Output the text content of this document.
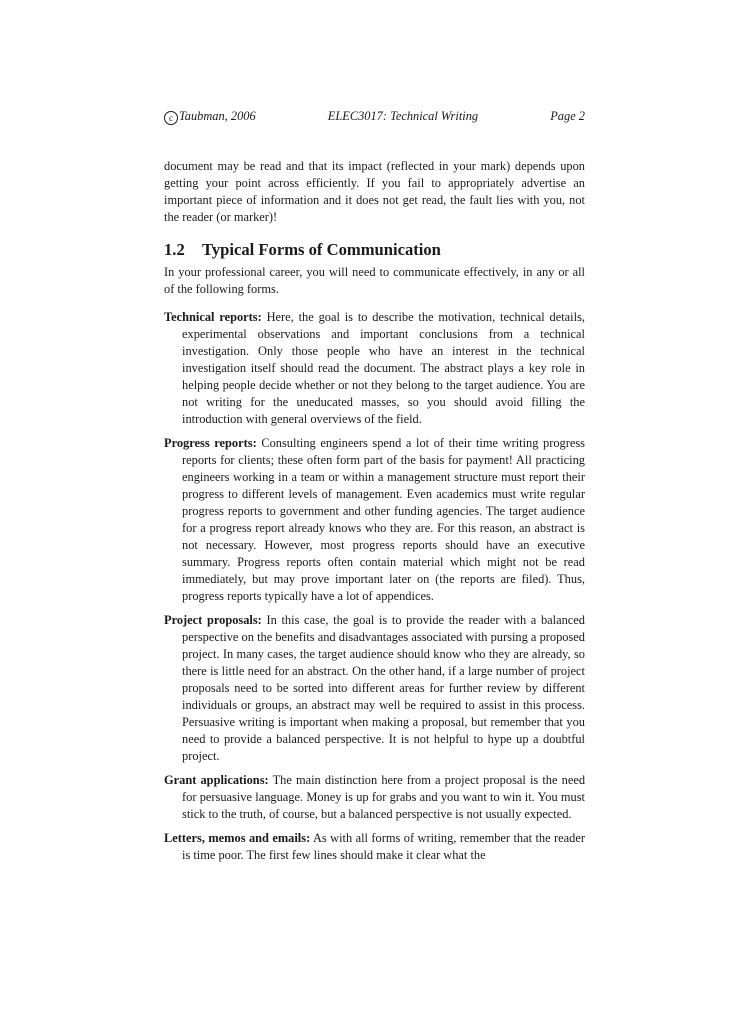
c
Taubman, 2006	ELEC3017: Technical Writing	Page 2

document may be read and that its impact (reflected in your mark) depends upon getting your point across efficiently. If you fail to appropriately advertise an important piece of information and it does not get read, the fault lies with you, not the reader (or marker)!

1.2 Typical Forms of Communication

In your professional career, you will need to communicate effectively, in any or all of the following forms.

Technical reports: Here, the goal is to describe the motivation, technical details, experimental observations and important conclusions from a technical investigation. Only those people who have an interest in the technical investigation itself should read the document. The abstract plays a key role in helping people decide whether or not they belong to the target audience. You are not writing for the uneducated masses, so you should avoid filling the introduction with general overviews of the field.
Progress reports: Consulting engineers spend a lot of their time writing progress reports for clients; these often form part of the basis for payment! All practicing engineers working in a team or within a management structure must report their progress to different levels of management. Even academics must write regular progress reports to government and other funding agencies. The target audience for a progress report already knows who they are. For this reason, an abstract is not necessary. However, most progress reports should have an executive summary. Progress reports often contain material which might not be read immediately, but may prove important later on (the reports are filed). Thus, progress reports typically have a lot of appendices.
Project proposals: In this case, the goal is to provide the reader with a balanced perspective on the benefits and disadvantages associated with pursing a proposed project. In many cases, the target audience should know who they are already, so there is little need for an abstract. On the other hand, if a large number of project proposals need to be sorted into different areas for further review by different individuals or groups, an abstract may well be required to assist in this process. Persuasive writing is important when making a proposal, but remember that you need to provide a balanced perspective. It is not helpful to hype up a doubtful project.
Grant applications: The main distinction here from a project proposal is the need for persuasive language. Money is up for grabs and you want to win it. You must stick to the truth, of course, but a balanced perspective is not usually expected.
Letters, memos and emails: As with all forms of writing, remember that the reader is time poor. The first few lines should make it clear what the
